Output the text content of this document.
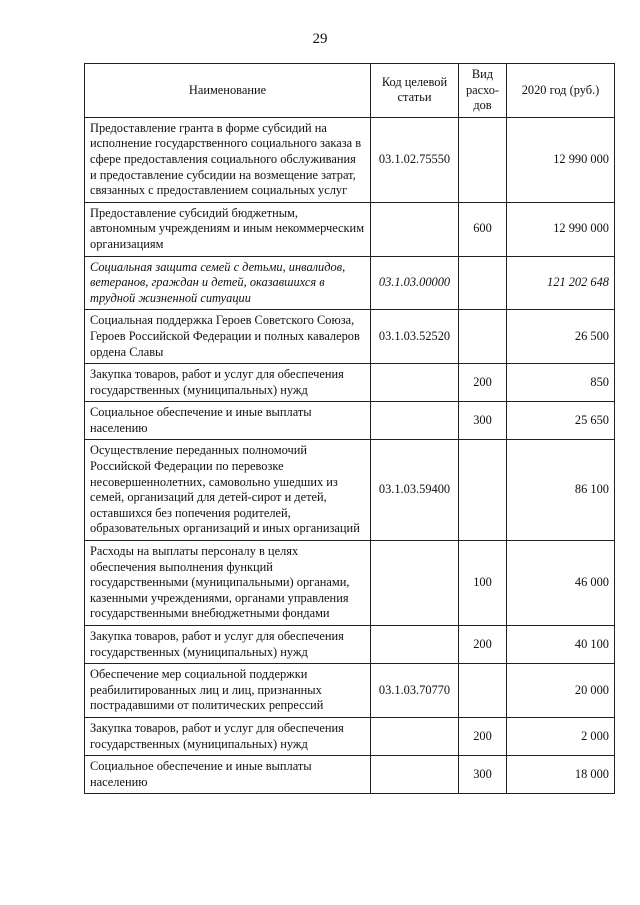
29
Наименование	Код целевой статьи	Вид расхо-дов	2020 год (руб.)
Предоставление гранта в форме субсидий на исполнение государственного социального заказа в сфере предоставления социального обслуживания и предоставление субсидии на возмещение затрат, связанных с предоставлением социальных услуг	03.1.02.75550		12 990 000
Предоставление субсидий бюджетным, автономным учреждениям и иным некоммерческим организациям		600	12 990 000
Социальная защита семей с детьми, инвалидов, ветеранов, граждан и детей, оказавшихся в трудной жизненной ситуации	03.1.03.00000		121 202 648
Социальная поддержка Героев Советского Союза, Героев Российской Федерации и полных кавалеров ордена Славы	03.1.03.52520		26 500
Закупка товаров, работ и услуг для обеспечения государственных (муниципальных) нужд		200	850
Социальное обеспечение и иные выплаты населению		300	25 650
Осуществление переданных полномочий Российской Федерации по перевозке несовершеннолетних, самовольно ушедших из семей, организаций для детей-сирот и детей, оставшихся без попечения родителей, образовательных организаций и иных организаций	03.1.03.59400		86 100
Расходы на выплаты персоналу в целях обеспечения выполнения функций государственными (муниципальными) органами, казенными учреждениями, органами управления государственными внебюджетными фондами		100	46 000
Закупка товаров, работ и услуг для обеспечения государственных (муниципальных) нужд		200	40 100
Обеспечение мер социальной поддержки реабилитированных лиц и лиц, признанных пострадавшими от политических репрессий	03.1.03.70770		20 000
Закупка товаров, работ и услуг для обеспечения государственных (муниципальных) нужд		200	2 000
Социальное обеспечение и иные выплаты населению		300	18 000
